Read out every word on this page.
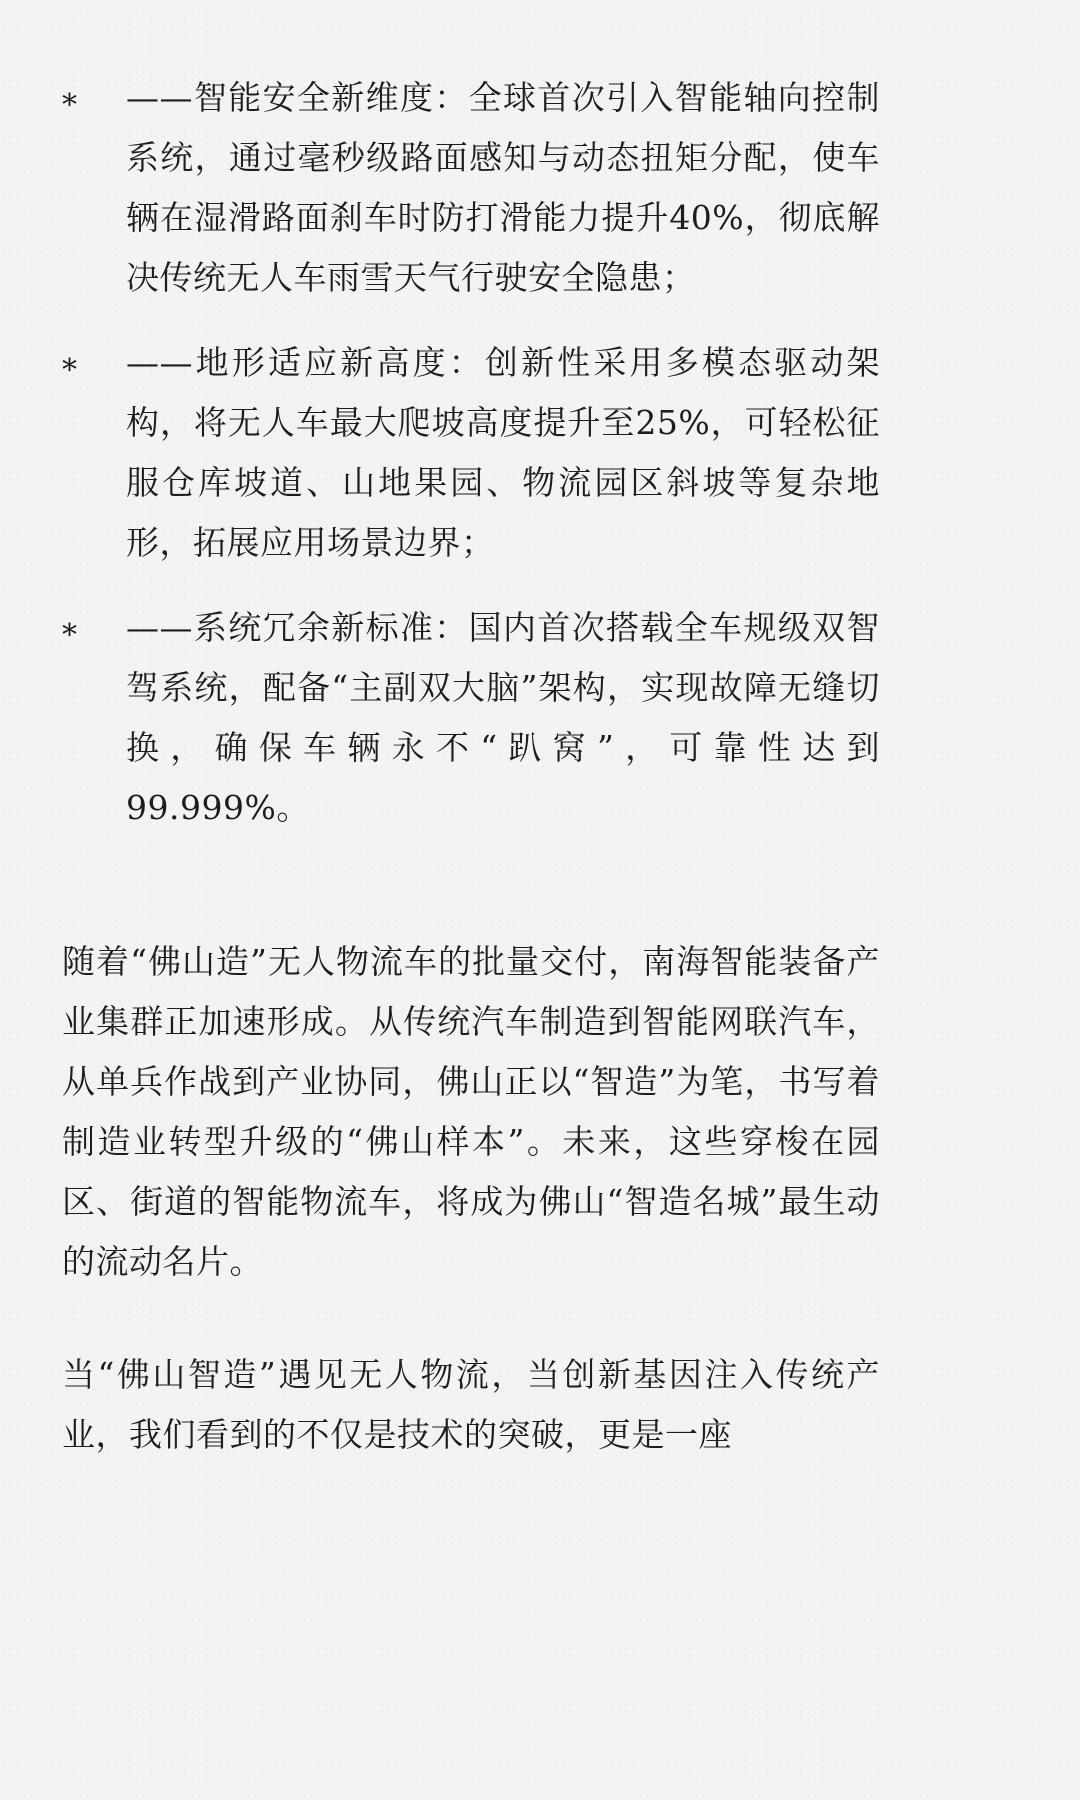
* ——智能安全新维度：全球首次引入智能轴向控制系统，通过毫秒级路面感知与动态扭矩分配，使车辆在湿滑路面刹车时防打滑能力提升40%，彻底解决传统无人车雨雪天气行驶安全隐患；
* ——地形适应新高度：创新性采用多模态驱动架构，将无人车最大爬坡高度提升至25%，可轻松征服仓库坡道、山地果园、物流园区斜坡等复杂地形，拓展应用场景边界；
* ——系统冗余新标准：国内首次搭载全车规级双智驾系统，配备“主副双大脑”架构，实现故障无缝切换，确保车辆永不“趴窝”，可靠性达到99.999%。

随着“佛山造”无人物流车的批量交付，南海智能装备产业集群正加速形成。从传统汽车制造到智能网联汽车，从单兵作战到产业协同，佛山正以“智造”为笔，书写着制造业转型升级的“佛山样本”。未来，这些穿梭在园区、街道的智能物流车，将成为佛山“智造名城”最生动的流动名片。

当“佛山智造”遇见无人物流，当创新基因注入传统产业，我们看到的不仅是技术的突破，更是一座
